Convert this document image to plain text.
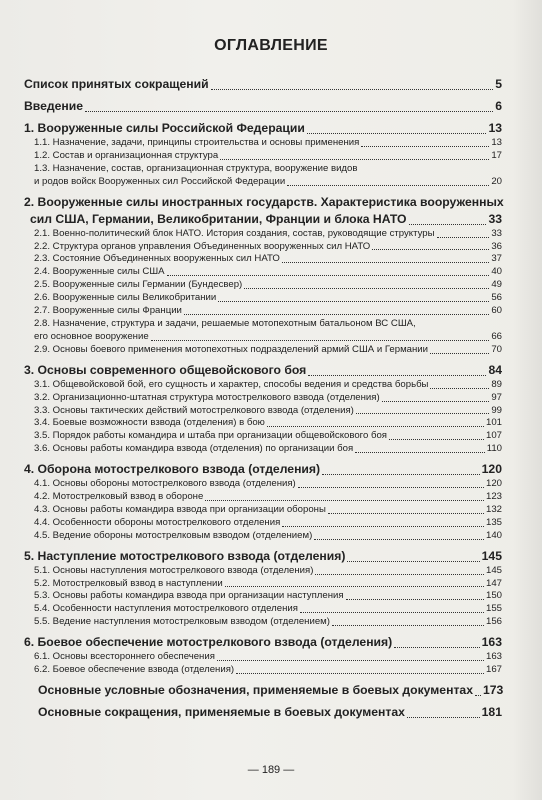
ОГЛАВЛЕНИЕ
Список принятых сокращений	5
Введение	6
1. Вооруженные силы Российской Федерации	13
1.1. Назначение, задачи, принципы строительства и основы применения	13
1.2. Состав и организационная структура	17
1.3. Назначение, состав, организационная структура, вооружение видов
и родов войск Вооруженных сил Российской Федерации	20
2. Вооруженные силы иностранных государств. Характеристика вооруженных
сил США, Германии, Великобритании, Франции и блока НАТО	33
2.1. Военно-политический блок НАТО. История создания, состав, руководящие структуры	33
2.2. Структура органов управления Объединенных вооруженных сил НАТО	36
2.3. Состояние Объединенных вооруженных сил НАТО	37
2.4. Вооруженные силы США	40
2.5. Вооруженные силы Германии (Бундесвер)	49
2.6. Вооруженные силы Великобритании	56
2.7. Вооруженные силы Франции	60
2.8. Назначение, структура и задачи, решаемые мотопехотным батальоном ВС США,
его основное вооружение	66
2.9. Основы боевого применения мотопехотных подразделений армий США и Германии	70
3. Основы современного общевойскового боя	84
3.1. Общевойсковой бой, его сущность и характер, способы ведения и средства борьбы	89
3.2. Организационно-штатная структура мотострелкового взвода (отделения)	97
3.3. Основы тактических действий мотострелкового взвода (отделения)	99
3.4. Боевые возможности взвода (отделения) в бою	101
3.5. Порядок работы командира и штаба при организации общевойскового боя	107
3.6. Основы работы командира взвода (отделения) по организации боя	110
4. Оборона мотострелкового взвода (отделения)	120
4.1. Основы обороны мотострелкового взвода (отделения)	120
4.2. Мотострелковый взвод в обороне	123
4.3. Основы работы командира взвода при организации обороны	132
4.4. Особенности обороны мотострелкового отделения	135
4.5. Ведение обороны мотострелковым взводом (отделением)	140
5. Наступление мотострелкового взвода (отделения)	145
5.1. Основы наступления мотострелкового взвода (отделения)	145
5.2. Мотострелковый взвод в наступлении	147
5.3. Основы работы командира взвода при организации наступления	150
5.4. Особенности наступления мотострелкового отделения	155
5.5. Ведение наступления мотострелковым взводом (отделением)	156
6. Боевое обеспечение мотострелкового взвода (отделения)	163
6.1. Основы всестороннего обеспечения	163
6.2. Боевое обеспечение взвода (отделения)	167
Основные условные обозначения, применяемые в боевых документах 173
Основные сокращения, применяемые в боевых документах	181
— 189 —
